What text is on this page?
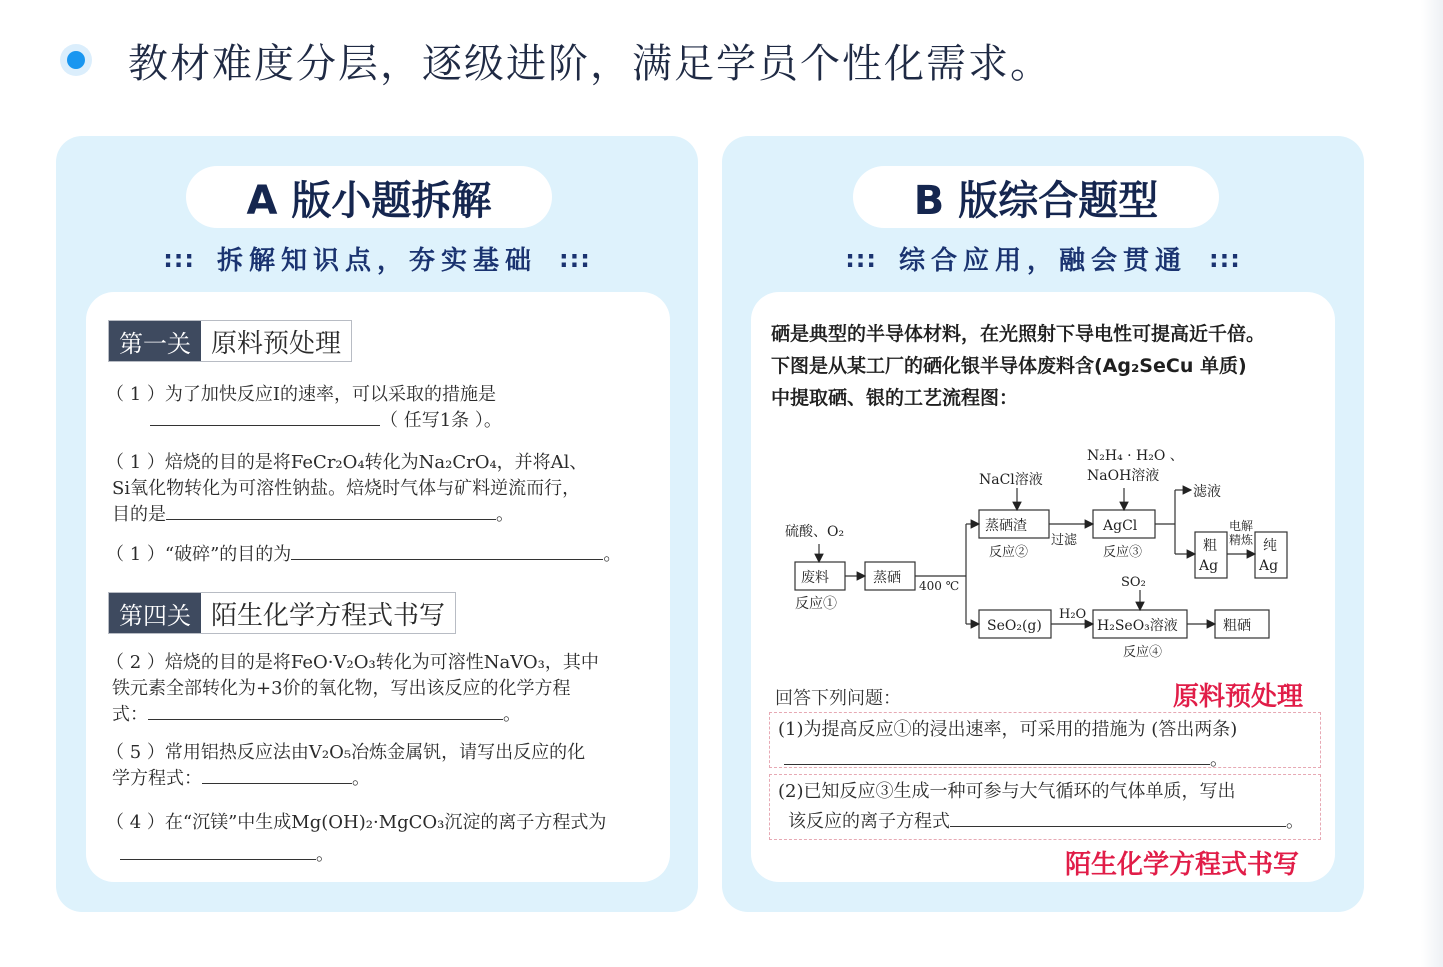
教材难度分层，逐级进阶，满足学员个性化需求。
A 版小题拆解
::: 拆解知识点，夯实基础 :::
第一关 原料预处理
（ 1 ）为了加快反应I的速率，可以采取的措施是
（ 任写1条 ）。
（ 1 ）焙烧的目的是将FeCr₂O₄转化为Na₂CrO₄，并将Al、
Si氧化物转化为可溶性钠盐。焙烧时气体与矿料逆流而行，
目的是	。
（ 1 ）“破碎”的目的为	。
第四关 陌生化学方程式书写
（ 2 ）焙烧的目的是将FeO·V₂O₃转化为可溶性NaVO₃，其中
铁元素全部转化为+3价的氧化物，写出该反应的化学方程
式：	。
（ 5 ）常用铝热反应法由V₂O₅冶炼金属钒，请写出反应的化
学方程式：	。
（ 4 ）在“沉镁”中生成Mg(OH)₂·MgCO₃沉淀的离子方程式为
。
B 版综合题型
::: 综合应用，融会贯通 :::
硒是典型的半导体材料，在光照射下导电性可提高近千倍。
下图是从某工厂的硒化银半导体废料含(Ag₂SeCu 单质)
中提取硒、银的工艺流程图：
硫酸、O₂
废料
反应①
蒸硒 400 ℃
NaCl溶液
蒸硒渣
反应②
过滤
AgCl
反应③
N₂H₄ · H₂O 、
NaOH溶液
滤液
粗
Ag
电解
精炼 纯
Ag
SeO₂(g)
H₂O
SO₂
H₂SeO₃溶液
反应④
粗硒
回答下列问题：	原料预处理
(1)为提高反应①的浸出速率，可采用的措施为 (答出两条)
。
(2)已知反应③生成一种可参与大气循环的气体单质，写出
该反应的离子方程式	。
陌生化学方程式书写
